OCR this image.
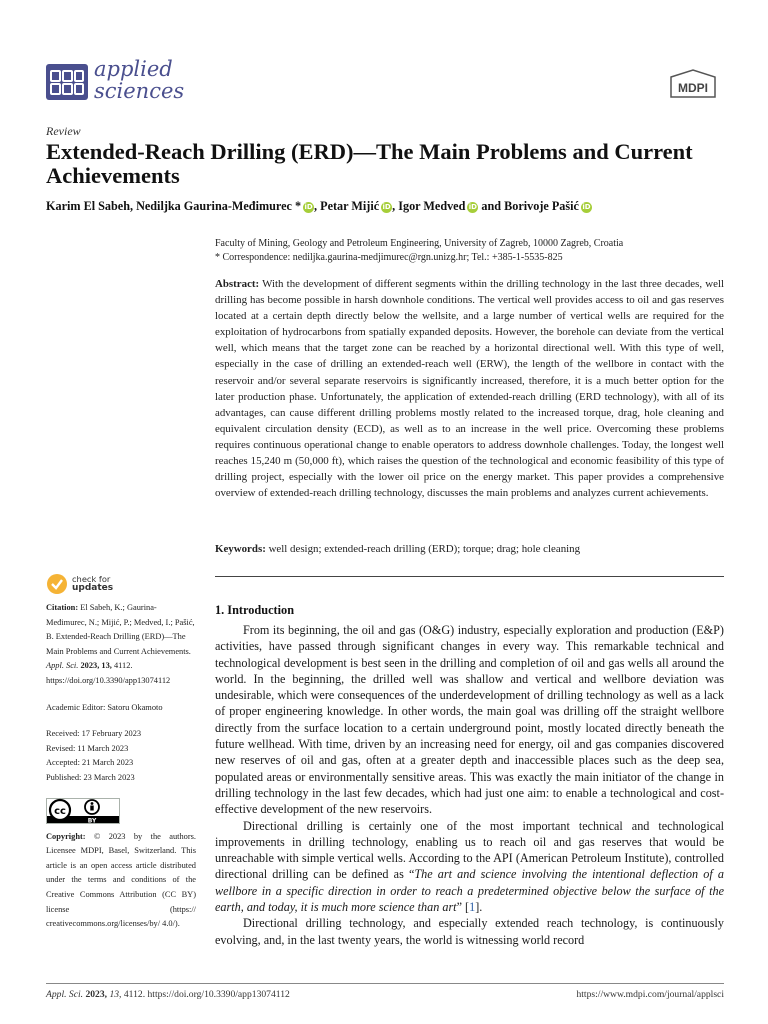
applied
sciences	MDPI
Review
Extended-Reach Drilling (ERD)—The Main Problems and Current Achievements
Karim El Sabeh, Nediljka Gaurina-Međimurec * iD, Petar Mijić iD, Igor Medved iD and Borivoje Pašić iD
Faculty of Mining, Geology and Petroleum Engineering, University of Zagreb, 10000 Zagreb, Croatia
* Correspondence: nediljka.gaurina-medjimurec@rgn.unizg.hr; Tel.: +385-1-5535-825
Abstract: With the development of different segments within the drilling technology in the last three decades, well drilling has become possible in harsh downhole conditions. The vertical well provides access to oil and gas reserves located at a certain depth directly below the wellsite, and a large number of vertical wells are required for the exploitation of hydrocarbons from spatially expanded deposits. However, the borehole can deviate from the vertical well, which means that the target zone can be reached by a horizontal directional well. With this type of well, especially in the case of drilling an extended-reach well (ERW), the length of the wellbore in contact with the reservoir and/or several separate reservoirs is significantly increased, therefore, it is a much better option for the later production phase. Unfortunately, the application of extended-reach drilling (ERD technology), with all of its advantages, can cause different drilling problems mostly related to the increased torque, drag, hole cleaning and equivalent circulation density (ECD), as well as to an increase in the well price. Overcoming these problems requires continuous operational change to enable operators to address downhole challenges. Today, the longest well reaches 15,240 m (50,000 ft), which raises the question of the technological and economic feasibility of this type of drilling project, especially with the lower oil price on the energy market. This paper provides a comprehensive overview of extended-reach drilling technology, discusses the main problems and analyzes current achievements.
Keywords: well design; extended-reach drilling (ERD); torque; drag; hole cleaning
check for
updates
Citation: El Sabeh, K.; Gaurina-Međimurec, N.; Mijić, P.; Medved, I.; Pašić, B. Extended-Reach Drilling (ERD)—The Main Problems and Current Achievements. Appl. Sci. 2023, 13, 4112. https://doi.org/10.3390/app13074112
Academic Editor: Satoru Okamoto
Received: 17 February 2023
Revised: 11 March 2023
Accepted: 21 March 2023
Published: 23 March 2023
cc
BY
Copyright: © 2023 by the authors. Licensee MDPI, Basel, Switzerland. This article is an open access article distributed under the terms and conditions of the Creative Commons Attribution (CC BY) license (https:// creativecommons.org/licenses/by/ 4.0/).
1. Introduction

From its beginning, the oil and gas (O&G) industry, especially exploration and production (E&P) activities, have passed through significant changes in every way. This remarkable technical and technological development is best seen in the drilling and completion of oil and gas wells all around the world. In the beginning, the drilled well was shallow and vertical and wellbore deviation was undesirable, which were consequences of the underdevelopment of drilling technology as well as a lack of proper engineering knowledge. In other words, the main goal was drilling off the straight wellbore directly from the surface location to a certain underground point, mostly located directly beneath the future wellhead. With time, driven by an increasing need for energy, oil and gas companies discovered new reserves of oil and gas, often at a greater depth and inaccessible places such as the deep sea, populated areas or environmentally sensitive areas. This was exactly the main initiator of the change in drilling technology in the last few decades, which had just one aim: to enable a technological and cost-effective development of the new reservoirs.

Directional drilling is certainly one of the most important technical and technological improvements in drilling technology, enabling us to reach oil and gas reserves that would be unreachable with simple vertical wells. According to the API (American Petroleum Institute), controlled directional drilling can be defined as “The art and science involving the intentional deflection of a wellbore in a specific direction in order to reach a predetermined objective below the surface of the earth, and today, it is much more science than art” [1].

Directional drilling technology, and especially extended reach technology, is continuously evolving, and, in the last twenty years, the world is witnessing world record

Appl. Sci. 2023, 13, 4112. https://doi.org/10.3390/app13074112	https://www.mdpi.com/journal/applsci
